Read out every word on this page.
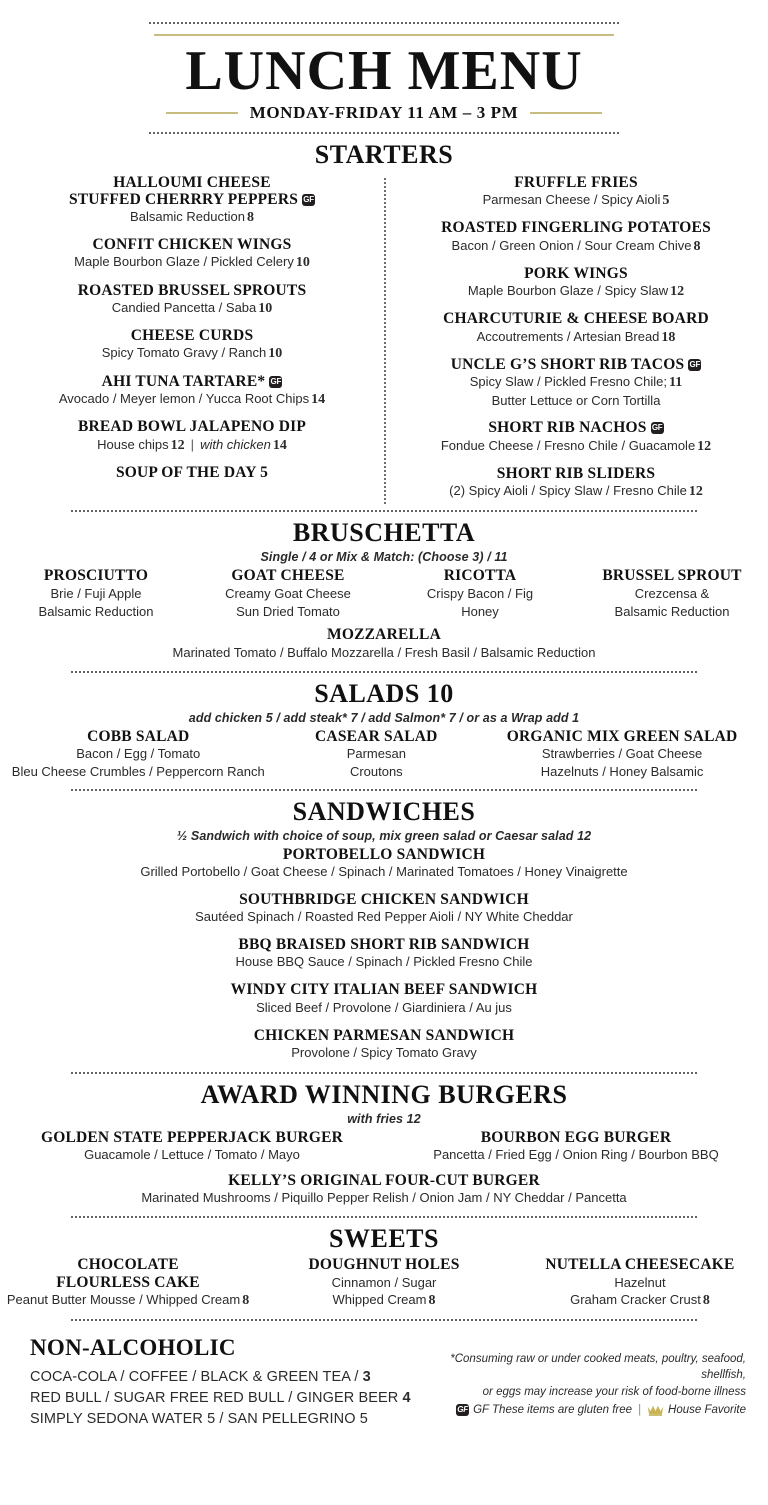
LUNCH MENU
MONDAY-FRIDAY 11 AM – 3 PM
STARTERS
HALLOUMI CHEESE
STUFFED CHERRRY PEPPERS GF
Balsamic Reduction 8
CONFIT CHICKEN WINGS
Maple Bourbon Glaze / Pickled Celery 10
ROASTED BRUSSEL SPROUTS
Candied Pancetta / Saba 10
CHEESE CURDS
Spicy Tomato Gravy / Ranch 10
AHI TUNA TARTARE* GF
Avocado / Meyer lemon / Yucca Root Chips 14
BREAD BOWL JALAPENO DIP
House chips 12 | with chicken 14
SOUP OF THE DAY 5
FRUFFLE FRIES
Parmesan Cheese / Spicy Aioli 5
ROASTED FINGERLING POTATOES
Bacon / Green Onion / Sour Cream Chive 8
PORK WINGS
Maple Bourbon Glaze / Spicy Slaw 12
CHARCUTURIE & CHEESE BOARD
Accoutrements / Artesian Bread 18
UNCLE G’S SHORT RIB TACOS GF
Spicy Slaw / Pickled Fresno Chile; 11
Butter Lettuce or Corn Tortilla
SHORT RIB NACHOS GF
Fondue Cheese / Fresno Chile / Guacamole 12
SHORT RIB SLIDERS
(2) Spicy Aioli / Spicy Slaw / Fresno Chile 12
BRUSCHETTA
Single / 4 or Mix & Match: (Choose 3) / 11
PROSCIUTTO
Brie / Fuji Apple
Balsamic Reduction
GOAT CHEESE
Creamy Goat Cheese
Sun Dried Tomato
RICOTTA
Crispy Bacon / Fig
Honey
BRUSSEL SPROUT
Crezcensa &
Balsamic Reduction
MOZZARELLA
Marinated Tomato / Buffalo Mozzarella / Fresh Basil / Balsamic Reduction
SALADS 10
add chicken 5 / add steak* 7 / add Salmon* 7 / or as a Wrap add 1
COBB SALAD
Bacon / Egg / Tomato
Bleu Cheese Crumbles / Peppercorn Ranch
CASEAR SALAD
Parmesan
Croutons
ORGANIC MIX GREEN SALAD
Strawberries / Goat Cheese
Hazelnuts / Honey Balsamic
SANDWICHES
½ Sandwich with choice of soup, mix green salad or Caesar salad 12
PORTOBELLO SANDWICH
Grilled Portobello / Goat Cheese / Spinach / Marinated Tomatoes / Honey Vinaigrette
SOUTHBRIDGE CHICKEN SANDWICH
Sautéed Spinach / Roasted Red Pepper Aioli / NY White Cheddar
BBQ BRAISED SHORT RIB SANDWICH
House BBQ Sauce / Spinach / Pickled Fresno Chile
WINDY CITY ITALIAN BEEF SANDWICH
Sliced Beef / Provolone / Giardiniera / Au jus
CHICKEN PARMESAN SANDWICH
Provolone / Spicy Tomato Gravy
AWARD WINNING BURGERS
with fries 12
GOLDEN STATE PEPPERJACK BURGER
Guacamole / Lettuce / Tomato / Mayo
BOURBON EGG BURGER
Pancetta / Fried Egg / Onion Ring / Bourbon BBQ
KELLY’S ORIGINAL FOUR-CUT BURGER
Marinated Mushrooms / Piquillo Pepper Relish / Onion Jam / NY Cheddar / Pancetta
SWEETS
CHOCOLATE
FLOURLESS CAKE
Peanut Butter Mousse / Whipped Cream 8
DOUGHNUT HOLES
Cinnamon / Sugar
Whipped Cream 8
NUTELLA CHEESECAKE
Hazelnut
Graham Cracker Crust 8
NON-ALCOHOLIC
COCA-COLA / COFFEE / BLACK & GREEN TEA / 3
RED BULL / SUGAR FREE RED BULL / GINGER BEER 4
SIMPLY SEDONA WATER 5 / SAN PELLEGRINO 5
*Consuming raw or under cooked meats, poultry, seafood, shellfish,
or eggs may increase your risk of food-borne illness
GF GF These items are gluten free | House Favorite
